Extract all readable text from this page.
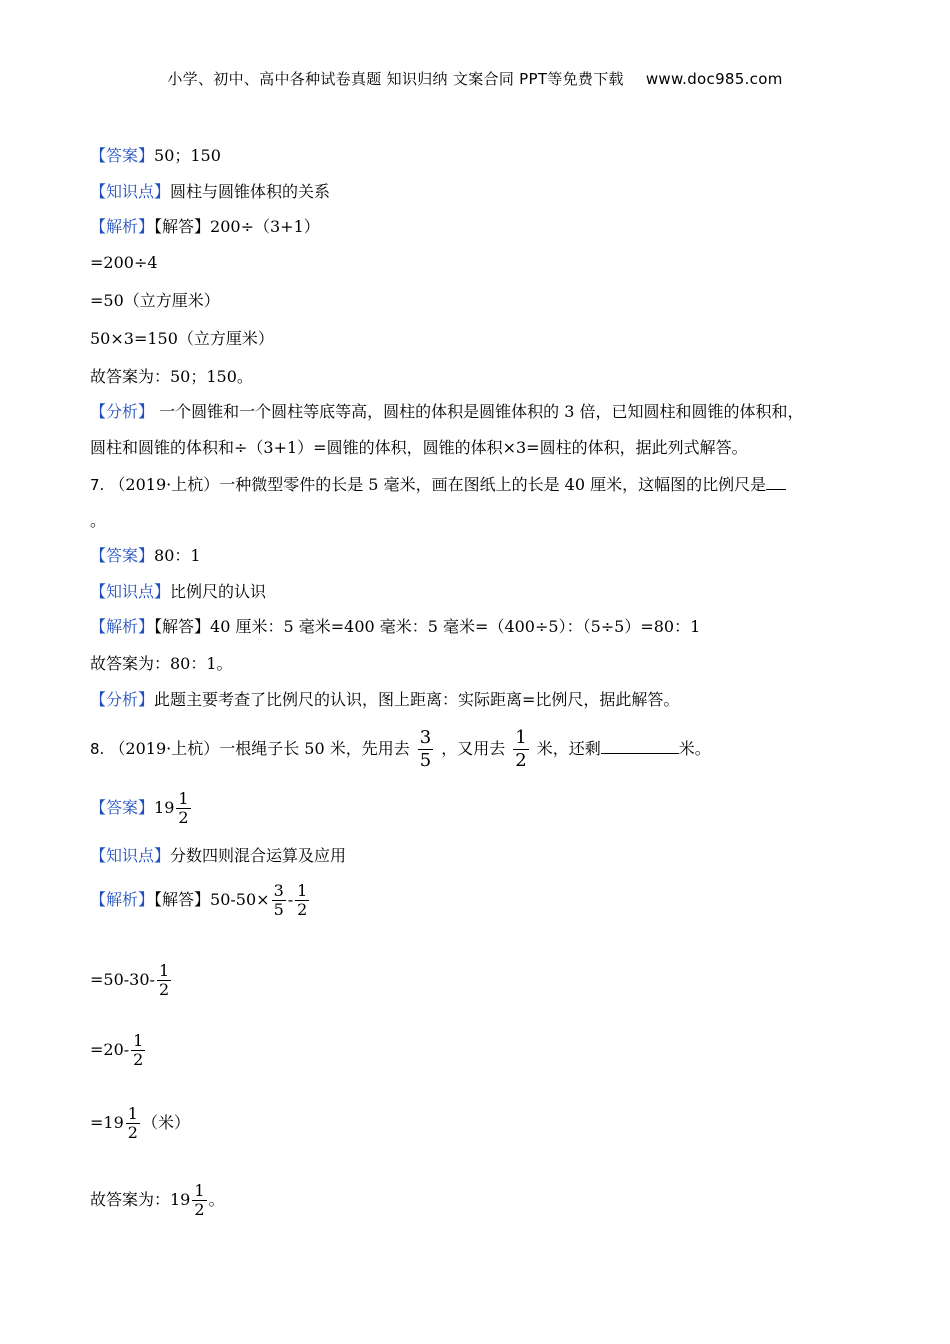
小学、初中、高中各种试卷真题 知识归纳 文案合同 PPT等免费下载 www.doc985.com
【答案】50；150
【知识点】圆柱与圆锥体积的关系
【解析】【解答】200÷（3+1）
=200÷4
=50（立方厘米）
50×3=150（立方厘米）
故答案为：50；150。
【分析】 一个圆锥和一个圆柱等底等高，圆柱的体积是圆锥体积的 3 倍，已知圆柱和圆锥的体积和，
圆柱和圆锥的体积和÷（3+1）=圆锥的体积，圆锥的体积×3=圆柱的体积，据此列式解答。
7. （2019·上杭）一种微型零件的长是 5 毫米，画在图纸上的长是 40 厘米，这幅图的比例尺是
。
【答案】80：1
【知识点】比例尺的认识
【解析】【解答】40 厘米：5 毫米=400 毫米：5 毫米=（400÷5）：（5÷5）=80：1
故答案为：80：1。
【分析】此题主要考查了比例尺的认识，图上距离：实际距离=比例尺，据此解答。
8. （2019·上杭）一根绳子长 50 米，先用去 $\frac{3}{5}$ ，又用去 $\frac{1}{2}$ 米，还剩	米。
【答案】$19 \frac{1}{2}$
【知识点】分数四则混合运算及应用
【解析】【解答】$50-50\times \frac{3}{5} - \frac{1}{2}$
$=50-30- \frac{1}{2}$
$=20- \frac{1}{2}$
$=19 \frac{1}{2}$ （米）
故答案为：$19 \frac{1}{2}$ 。
